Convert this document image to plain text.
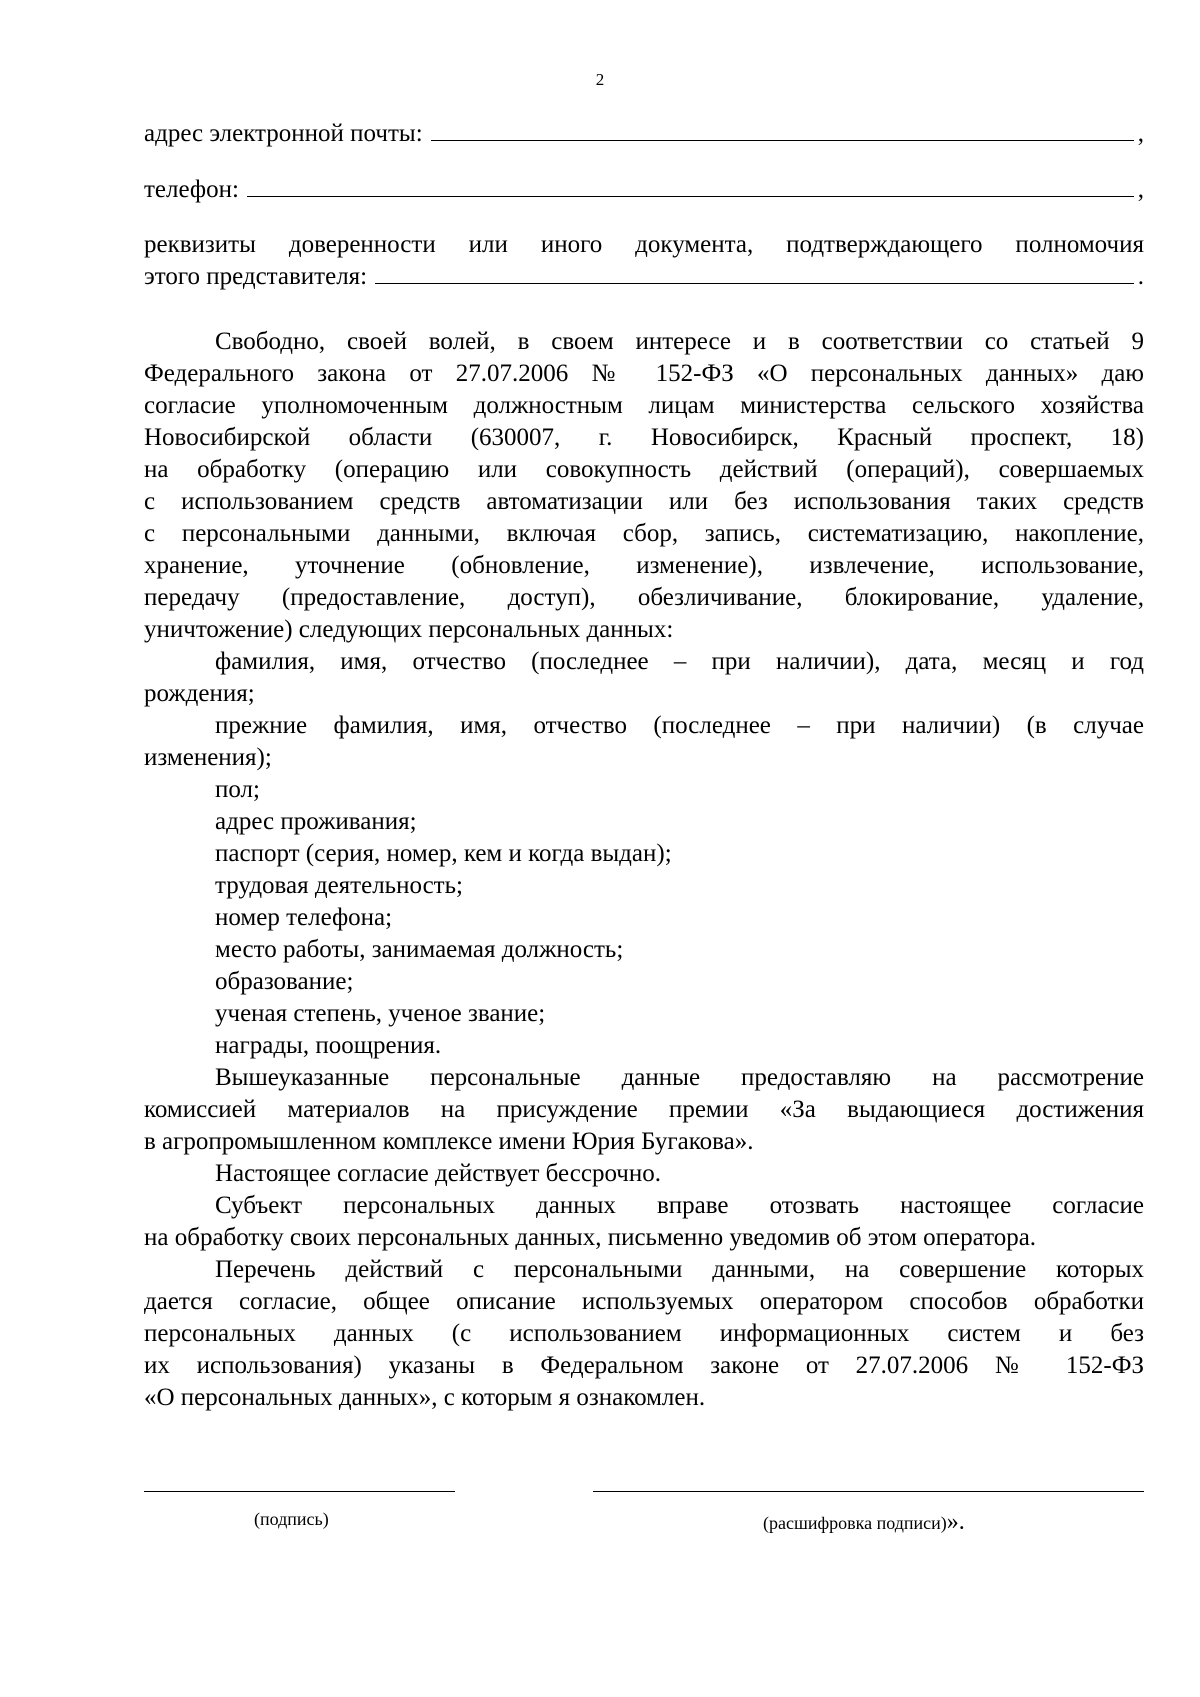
2
адрес электронной почты:	,
телефон:	,
реквизиты доверенности или иного документа, подтверждающего полномочия
этого представителя:	.
Свободно, своей волей, в своем интересе и в соответствии со статьей 9
Федерального закона от 27.07.2006 № 152-ФЗ «О персональных данных» даю
согласие уполномоченным должностным лицам министерства сельского хозяйства
Новосибирской области (630007, г. Новосибирск, Красный проспект, 18)
на обработку (операцию или совокупность действий (операций), совершаемых
с использованием средств автоматизации или без использования таких средств
с персональными данными, включая сбор, запись, систематизацию, накопление,
хранение, уточнение (обновление, изменение), извлечение, использование,
передачу (предоставление, доступ), обезличивание, блокирование, удаление,
уничтожение) следующих персональных данных:
фамилия, имя, отчество (последнее – при наличии), дата, месяц и год
рождения;
прежние фамилия, имя, отчество (последнее – при наличии) (в случае
изменения);
пол;
адрес проживания;
паспорт (серия, номер, кем и когда выдан);
трудовая деятельность;
номер телефона;
место работы, занимаемая должность;
образование;
ученая степень, ученое звание;
награды, поощрения.
Вышеуказанные персональные данные предоставляю на рассмотрение
комиссией материалов на присуждение премии «За выдающиеся достижения
в агропромышленном комплексе имени Юрия Бугакова».
Настоящее согласие действует бессрочно.
Субъект персональных данных вправе отозвать настоящее согласие
на обработку своих персональных данных, письменно уведомив об этом оператора.
Перечень действий с персональными данными, на совершение которых
дается согласие, общее описание используемых оператором способов обработки
персональных данных (с использованием информационных систем и без
их использования) указаны в Федеральном законе от 27.07.2006 № 152-ФЗ
«О персональных данных», с которым я ознакомлен.
(подпись)	(расшифровка подписи)».
